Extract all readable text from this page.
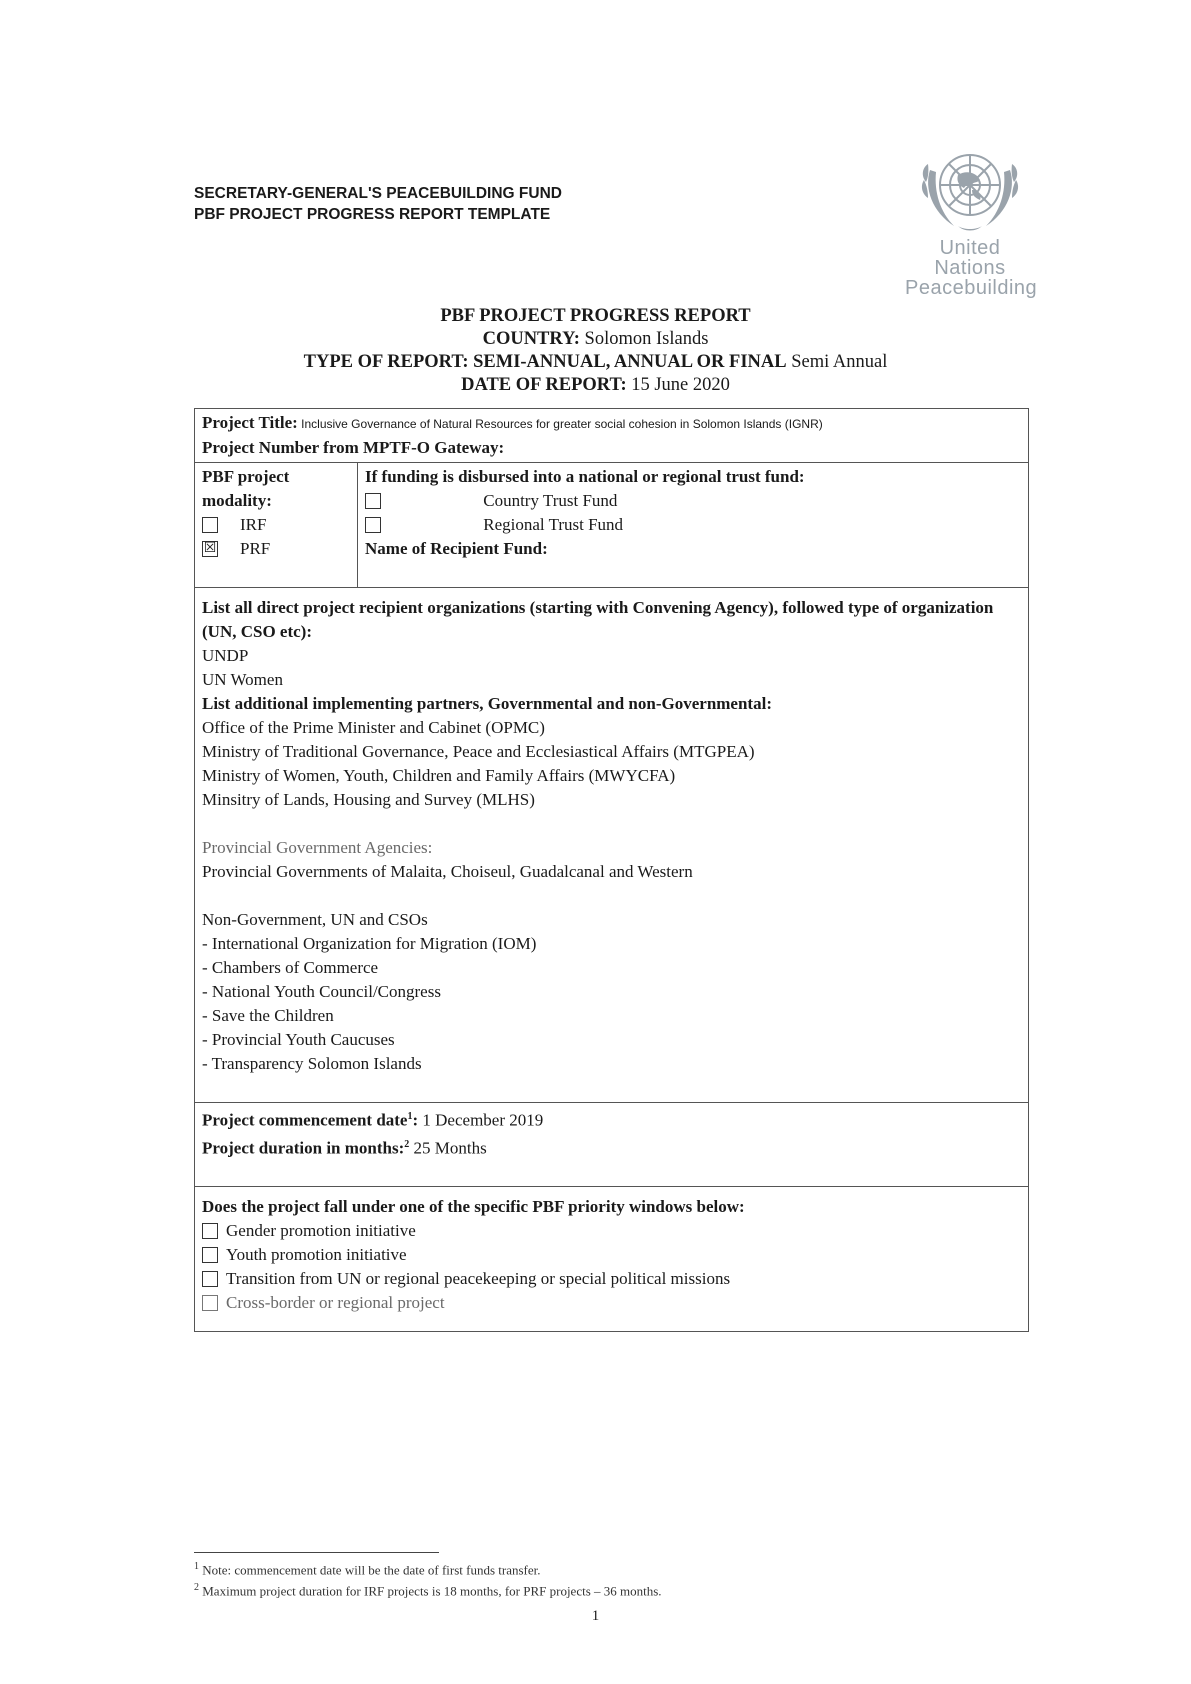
SECRETARY-GENERAL'S PEACEBUILDING FUND
PBF PROJECT PROGRESS REPORT TEMPLATE
United Nations
Peacebuilding
PBF PROJECT PROGRESS REPORT
COUNTRY: Solomon Islands
TYPE OF REPORT: SEMI-ANNUAL, ANNUAL OR FINAL Semi Annual
DATE OF REPORT: 15 June 2020
Project Title: Inclusive Governance of Natural Resources for greater social cohesion in Solomon Islands (IGNR)
Project Number from MPTF-O Gateway:

PBF project modality:
IRF
☒ PRF

If funding is disbursed into a national or regional trust fund:
Country Trust Fund
Regional Trust Fund
Name of Recipient Fund:

List all direct project recipient organizations (starting with Convening Agency), followed type of organization (UN, CSO etc):
UNDP
UN Women
List additional implementing partners, Governmental and non-Governmental:
Office of the Prime Minister and Cabinet (OPMC)
Ministry of Traditional Governance, Peace and Ecclesiastical Affairs (MTGPEA)
Ministry of Women, Youth, Children and Family Affairs (MWYCFA)
Minsitry of Lands, Housing and Survey (MLHS)
Provincial Government Agencies:
Provincial Governments of Malaita, Choiseul, Guadalcanal and Western
Non-Government, UN and CSOs
- International Organization for Migration (IOM)
- Chambers of Commerce
- National Youth Council/Congress
- Save the Children
- Provincial Youth Caucuses
- Transparency Solomon Islands

Project commencement date$^1$: 1 December 2019
Project duration in months:$^2$ 25 Months

Does the project fall under one of the specific PBF priority windows below:
Gender promotion initiative
Youth promotion initiative
Transition from UN or regional peacekeeping or special political missions
Cross-border or regional project
$^1$ Note: commencement date will be the date of first funds transfer.
$^2$ Maximum project duration for IRF projects is 18 months, for PRF projects – 36 months.
1
